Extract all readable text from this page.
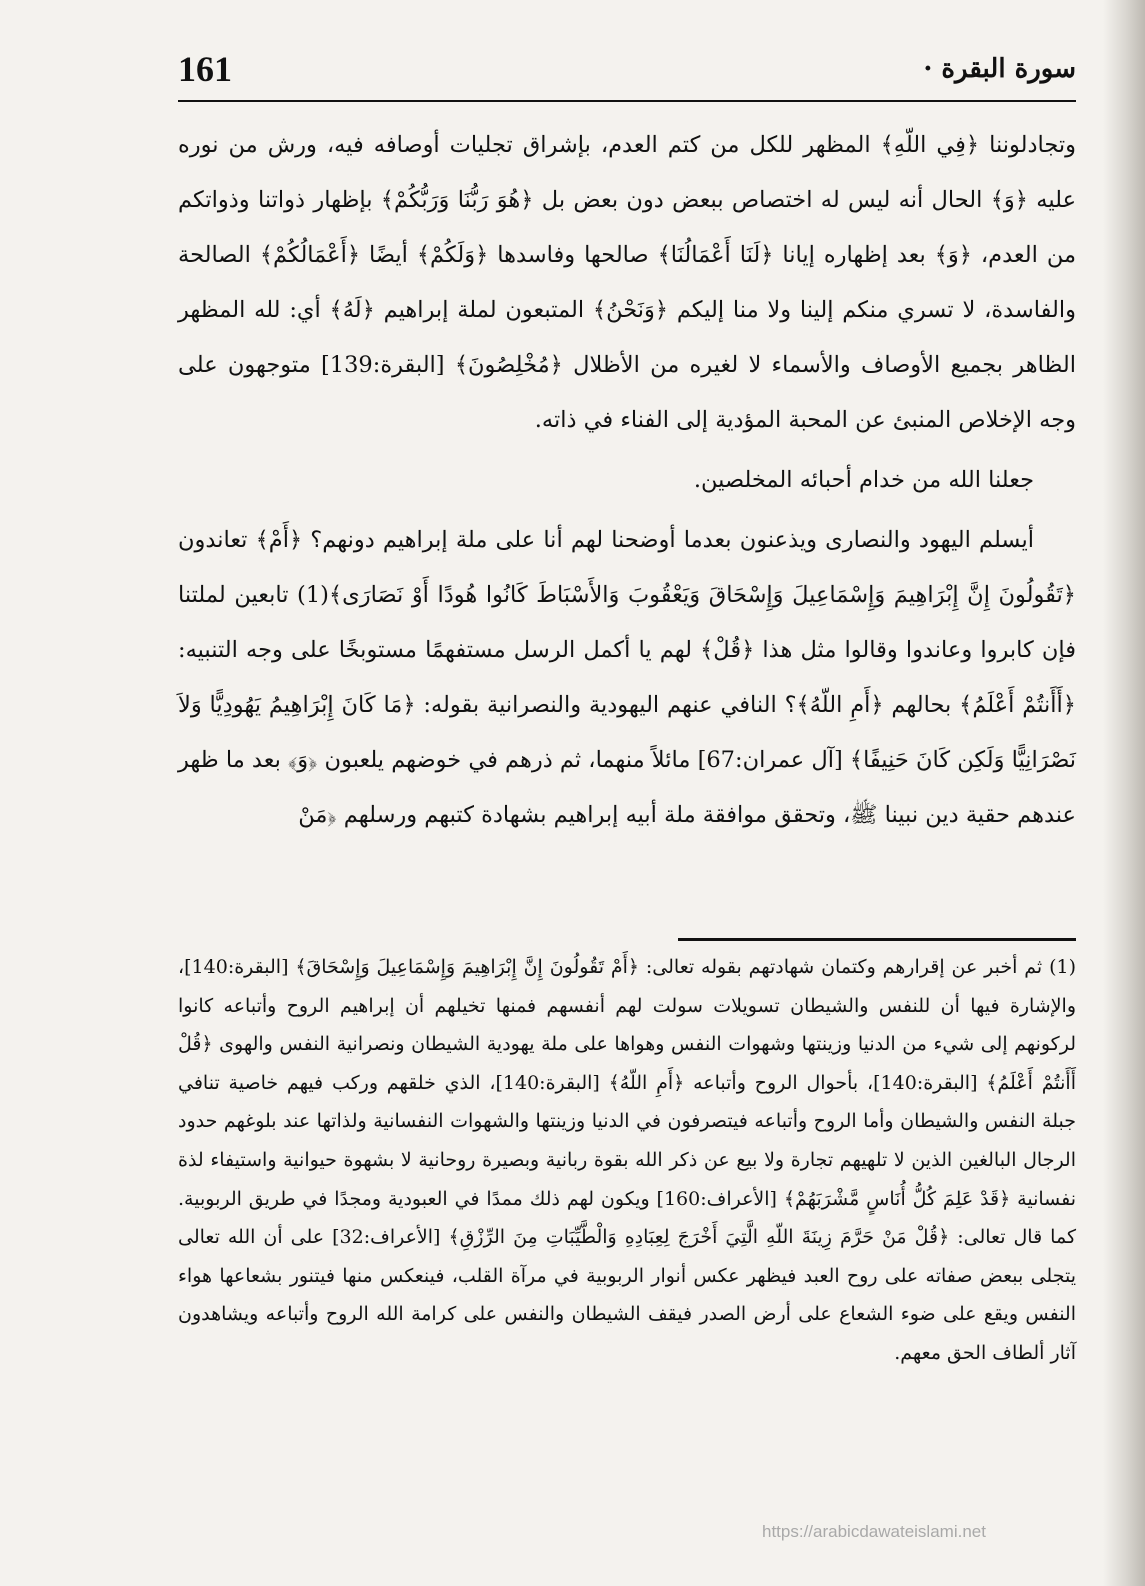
161	سورة البقرة ·

وتجادلوننا ﴿فِي اللّهِ﴾ المظهر للكل من كتم العدم، بإشراق تجليات أوصافه فيه، ورش من نوره عليه ﴿وَ﴾ الحال أنه ليس له اختصاص ببعض دون بعض بل ﴿هُوَ رَبُّنَا وَرَبُّكُمْ﴾ بإظهار ذواتنا وذواتكم من العدم، ﴿وَ﴾ بعد إظهاره إيانا ﴿لَنَا أَعْمَالُنَا﴾ صالحها وفاسدها ﴿وَلَكُمْ﴾ أيضًا ﴿أَعْمَالُكُمْ﴾ الصالحة والفاسدة، لا تسري منكم إلينا ولا منا إليكم ﴿وَنَحْنُ﴾ المتبعون لملة إبراهيم ﴿لَهُ﴾ أي: لله المظهر الظاهر بجميع الأوصاف والأسماء لا لغيره من الأظلال ﴿مُخْلِصُونَ﴾ [البقرة:139] متوجهون على وجه الإخلاص المنبئ عن المحبة المؤدية إلى الفناء في ذاته.

جعلنا الله من خدام أحبائه المخلصين.

أيسلم اليهود والنصارى ويذعنون بعدما أوضحنا لهم أنا على ملة إبراهيم دونهم؟ ﴿أَمْ﴾ تعاندون ﴿تَقُولُونَ إِنَّ إِبْرَاهِيمَ وَإِسْمَاعِيلَ وَإِسْحَاقَ وَيَعْقُوبَ وَالأَسْبَاطَ كَانُوا هُودًا أَوْ نَصَارَى﴾(1) تابعين لملتنا فإن كابروا وعاندوا وقالوا مثل هذا ﴿قُلْ﴾ لهم يا أكمل الرسل مستفهمًا مستوبخًا على وجه التنبيه: ﴿أَأَنتُمْ أَعْلَمُ﴾ بحالهم ﴿أَمِ اللّهُ﴾؟ النافي عنهم اليهودية والنصرانية بقوله: ﴿مَا كَانَ إِبْرَاهِيمُ يَهُودِيًّا وَلاَ نَصْرَانِيًّا وَلَكِن كَانَ حَنِيفًا﴾ [آل عمران:67] مائلاً منهما، ثم ذرهم في خوضهم يلعبون ﴿وَ﴾ بعد ما ظهر عندهم حقية دين نبينا ﷺ، وتحقق موافقة ملة أبيه إبراهيم بشهادة كتبهم ورسلهم ﴿مَنْ

(1) ثم أخبر عن إقرارهم وكتمان شهادتهم بقوله تعالى: ﴿أَمْ تَقُولُونَ إِنَّ إِبْرَاهِيمَ وَإِسْمَاعِيلَ وَإِسْحَاقَ﴾ [البقرة:140]، والإشارة فيها أن للنفس والشيطان تسويلات سولت لهم أنفسهم فمنها تخيلهم أن إبراهيم الروح وأتباعه كانوا لركونهم إلى شيء من الدنيا وزينتها وشهوات النفس وهواها على ملة يهودية الشيطان ونصرانية النفس والهوى ﴿قُلْ أَأَنتُمْ أَعْلَمُ﴾ [البقرة:140]، بأحوال الروح وأتباعه ﴿أَمِ اللّهُ﴾ [البقرة:140]، الذي خلقهم وركب فيهم خاصية تنافي جبلة النفس والشيطان وأما الروح وأتباعه فيتصرفون في الدنيا وزينتها والشهوات النفسانية ولذاتها عند بلوغهم حدود الرجال البالغين الذين لا تلهيهم تجارة ولا بيع عن ذكر الله بقوة ربانية وبصيرة روحانية لا بشهوة حيوانية واستيفاء لذة نفسانية ﴿قَدْ عَلِمَ كُلُّ أُنَاسٍ مَّشْرَبَهُمْ﴾ [الأعراف:160] ويكون لهم ذلك ممدًا في العبودية ومجدًا في طريق الربوبية. كما قال تعالى: ﴿قُلْ مَنْ حَرَّمَ زِينَةَ اللّهِ الَّتِيَ أَخْرَجَ لِعِبَادِهِ وَالْطَّيِّبَاتِ مِنَ الرِّزْقِ﴾ [الأعراف:32] على أن الله تعالى يتجلى ببعض صفاته على روح العبد فيظهر عكس أنوار الربوبية في مرآة القلب، فينعكس منها فيتنور بشعاعها هواء النفس ويقع على ضوء الشعاع على أرض الصدر فيقف الشيطان والنفس على كرامة الله الروح وأتباعه ويشاهدون آثار ألطاف الحق معهم.

https://arabicdawateislami.net
